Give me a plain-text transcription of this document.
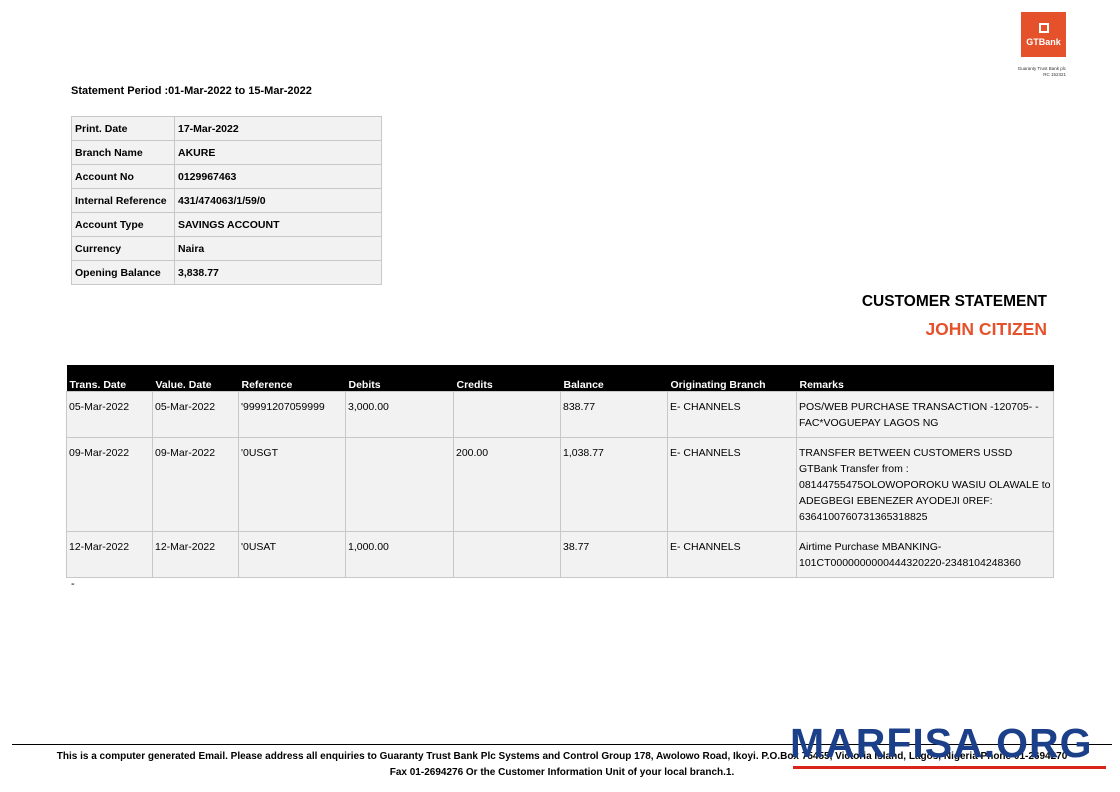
GTBank
Guaranty Trust Bank plc
RC 152321
Statement Period :01-Mar-2022 to 15-Mar-2022
Print. Date	17-Mar-2022
Branch Name	AKURE
Account No	0129967463
Internal Reference	431/474063/1/59/0
Account Type	SAVINGS ACCOUNT
Currency	Naira
Opening Balance	3,838.77
CUSTOMER STATEMENT
JOHN CITIZEN
Trans. Date	Value. Date	Reference	Debits	Credits	Balance	Originating Branch	Remarks
05-Mar-2022	05-Mar-2022	'99991207059999	3,000.00		838.77	E- CHANNELS	POS/WEB PURCHASE TRANSACTION -120705- -FAC*VOGUEPAY LAGOS NG
09-Mar-2022	09-Mar-2022	'0USGT		200.00	1,038.77	E- CHANNELS	TRANSFER BETWEEN CUSTOMERS USSD GTBank Transfer from : 08144755475OLOWOPOROKU WASIU OLAWALE to ADEGBEGI EBENEZER AYODEJI 0REF: 6364100760731365318825
12-Mar-2022	12-Mar-2022	'0USAT	1,000.00		38.77	E- CHANNELS	Airtime Purchase MBANKING-101CT0000000000444320220-2348104248360
-
This is a computer generated Email. Please address all enquiries to Guaranty Trust Bank Plc Systems and Control Group 178, Awolowo Road, Ikoyi. P.O.Box 75455, Victoria Island, Lagos, Nigeria Phone 01-2694270
Fax 01-2694276 Or the Customer Information Unit of your local branch.1.
MARFISA.ORG
